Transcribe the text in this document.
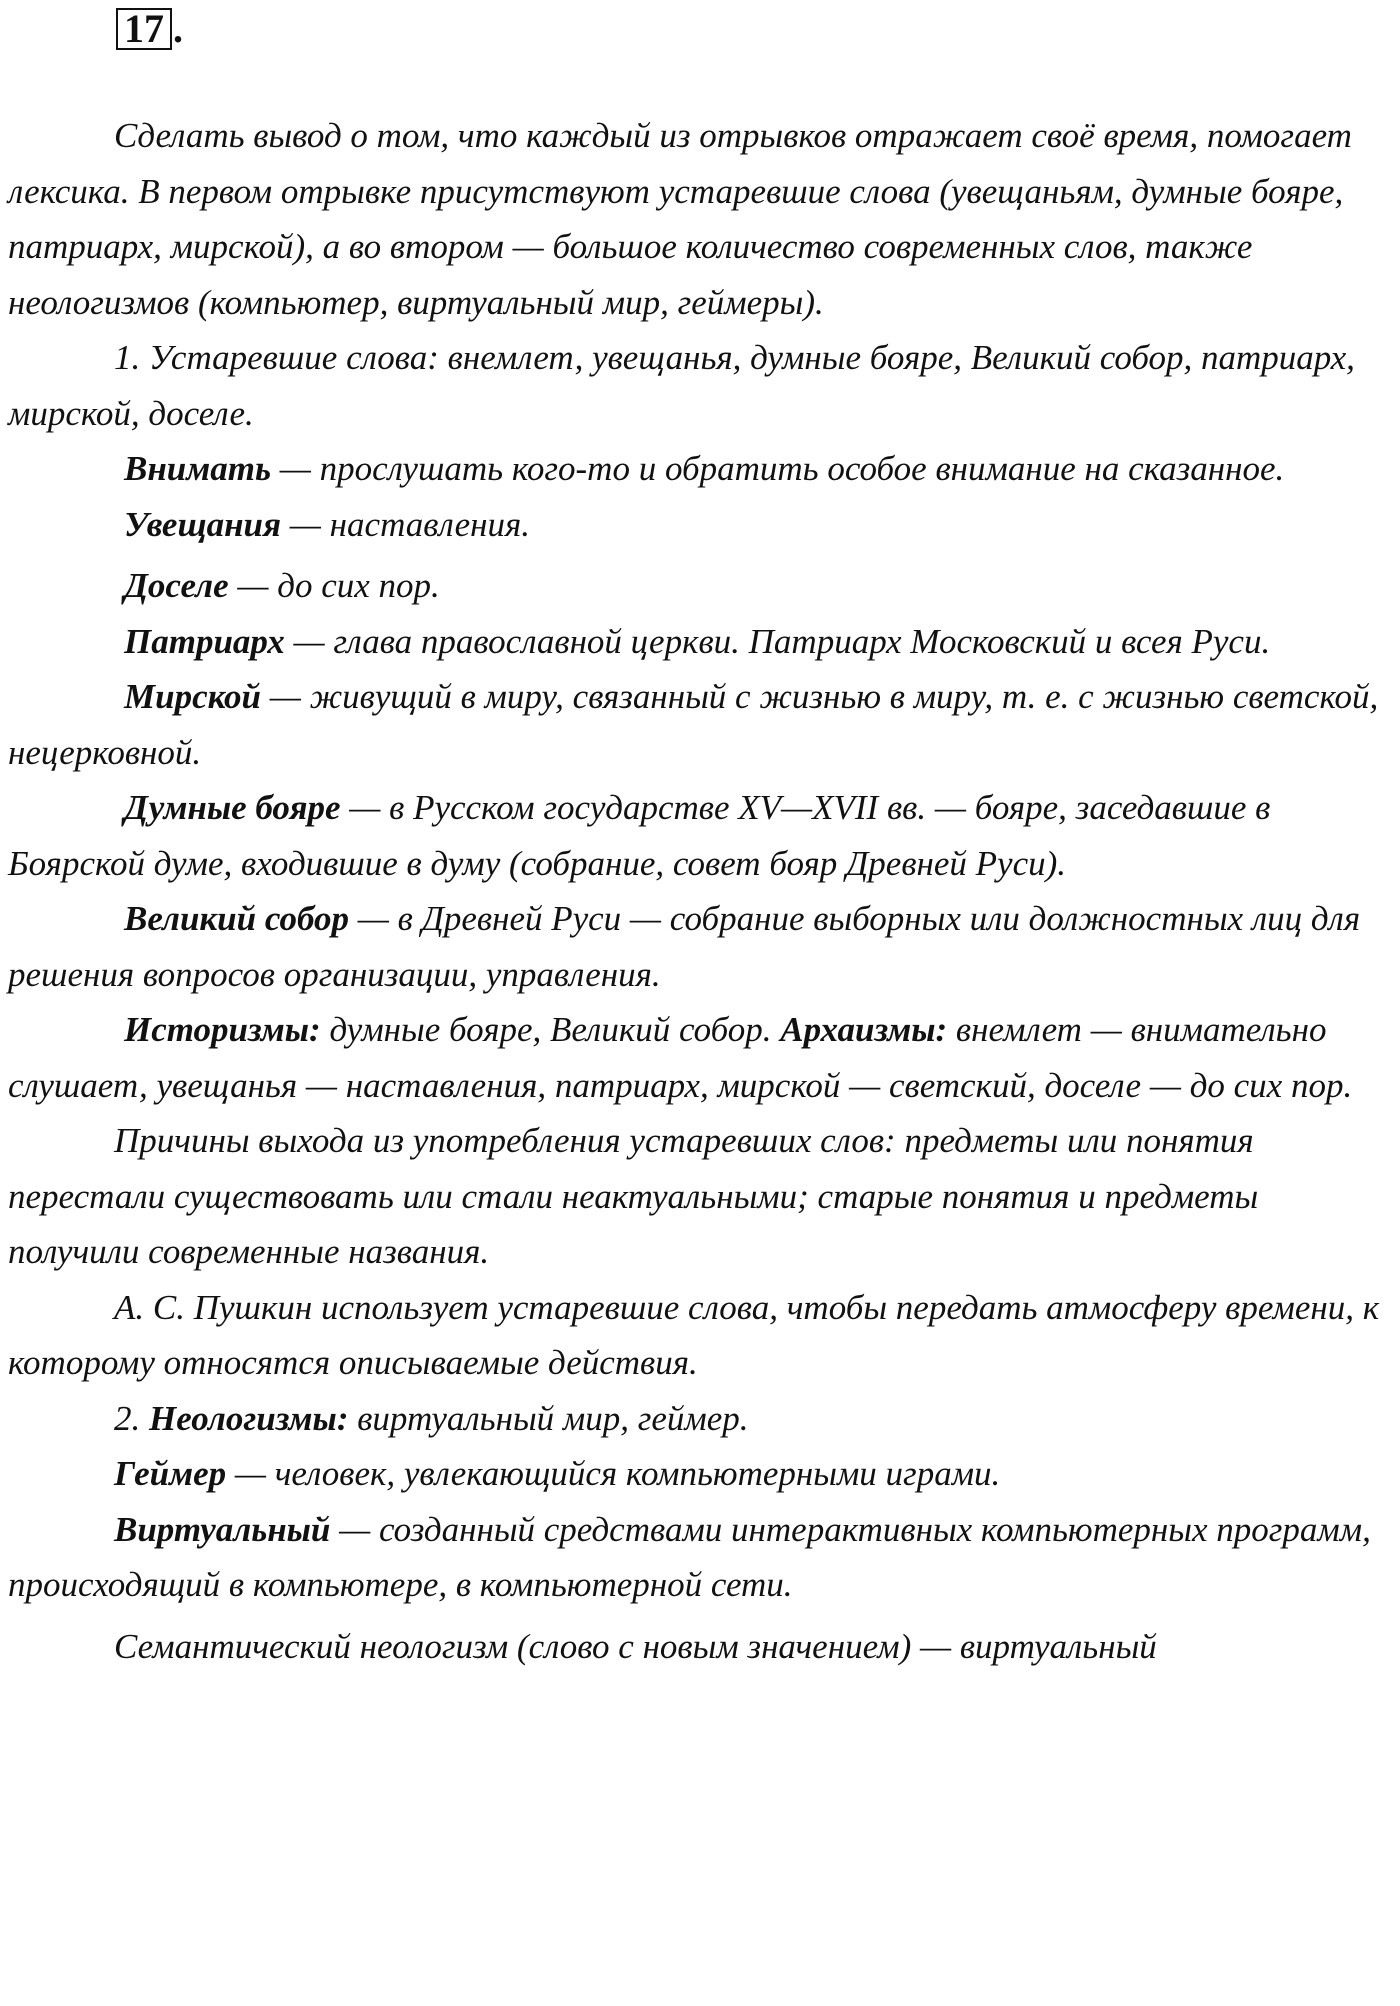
17 .

Сделать вывод о том, что каждый из отрывков отражает своё время, помогает лексика. В первом отрывке присутствуют устаревшие слова (увещаньям, думные бояре, патриарх, мирской), а во втором — большое количество современных слов, также неологизмов (компьютер, виртуальный мир, геймеры).

1. Устаревшие слова: внемлет, увещанья, думные бояре, Великий собор, патриарх, мирской, доселе.

Внимать — прослушать кого-то и обратить особое внимание на сказанное.

Увещания — наставления.

Доселе — до сих пор.

Патриарх — глава православной церкви. Патриарх Московский и всея Руси.

Мирской — живущий в миру, связанный с жизнью в миру, т. е. с жизнью светской, нецерковной.

Думные бояре — в Русском государстве XV—XVII вв. — бояре, заседавшие в Боярской думе, входившие в думу (собрание, совет бояр Древней Руси).

Великий собор — в Древней Руси — собрание выборных или должностных лиц для решения вопросов организации, управления.

Историзмы: думные бояре, Великий собор. Архаизмы: внемлет — внимательно слушает, увещанья — наставления, патриарх, мирской — светский, доселе — до сих пор.

Причины выхода из употребления устаревших слов: предметы или понятия перестали существовать или стали неактуальными; старые понятия и предметы получили современные названия.

А. С. Пушкин использует устаревшие слова, чтобы передать атмосферу времени, к которому относятся описываемые действия.

2. Неологизмы: виртуальный мир, геймер.

Геймер — человек, увлекающийся компьютерными играми.

Виртуальный — созданный средствами интерактивных компьютерных программ, происходящий в компьютере, в компьютерной сети.

Семантический неологизм (слово с новым значением) — виртуальный
